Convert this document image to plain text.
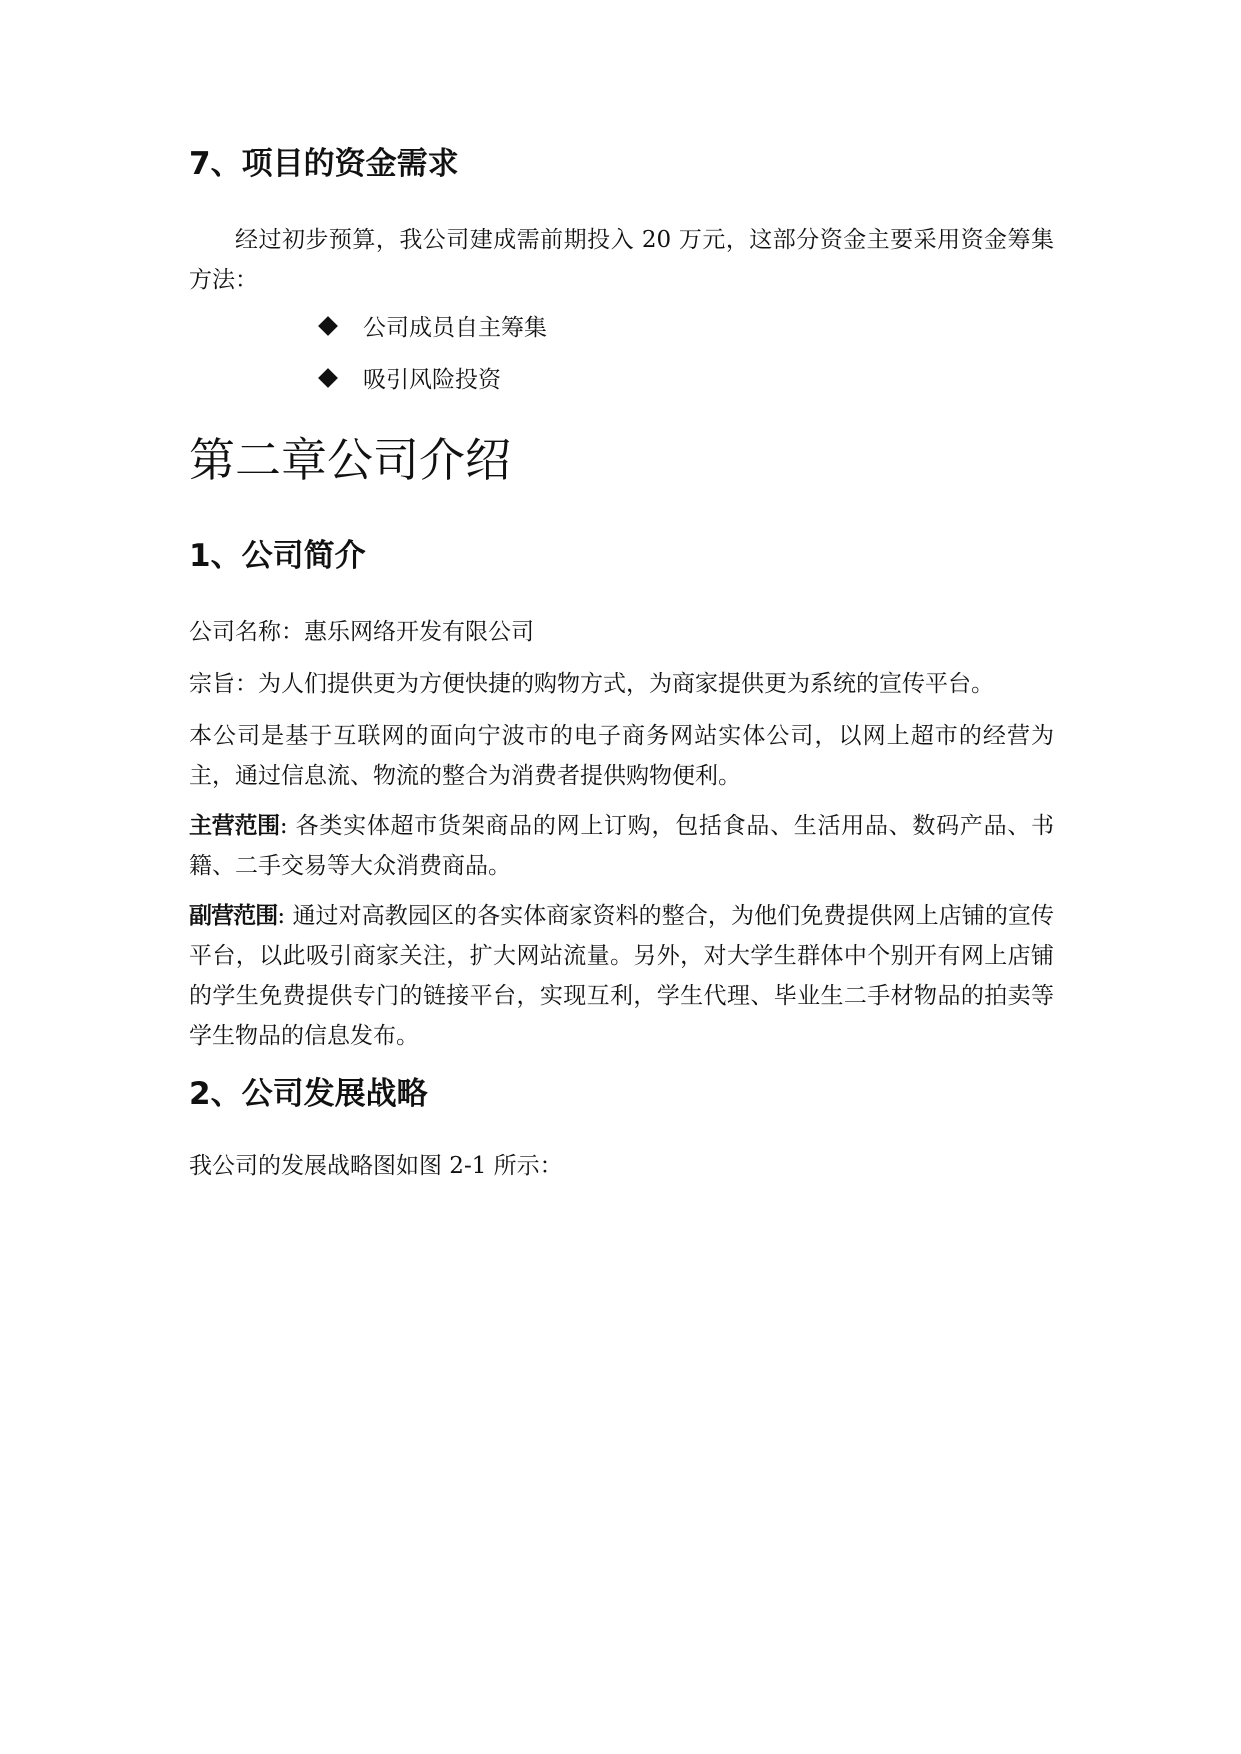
7、项目的资金需求
经过初步预算，我公司建成需前期投入 20 万元，这部分资金主要采用资金筹集方法：
公司成员自主筹集
吸引风险投资
第二章公司介绍
1、公司简介
公司名称：惠乐网络开发有限公司
宗旨：为人们提供更为方便快捷的购物方式，为商家提供更为系统的宣传平台。
本公司是基于互联网的面向宁波市的电子商务网站实体公司，以网上超市的经营为主，通过信息流、物流的整合为消费者提供购物便利。
主营范围: 各类实体超市货架商品的网上订购，包括食品、生活用品、数码产品、书籍、二手交易等大众消费商品。
副营范围: 通过对高教园区的各实体商家资料的整合，为他们免费提供网上店铺的宣传平台，以此吸引商家关注，扩大网站流量。另外，对大学生群体中个别开有网上店铺的学生免费提供专门的链接平台，实现互利，学生代理、毕业生二手材物品的拍卖等学生物品的信息发布。
2、公司发展战略
我公司的发展战略图如图 2-1 所示：
